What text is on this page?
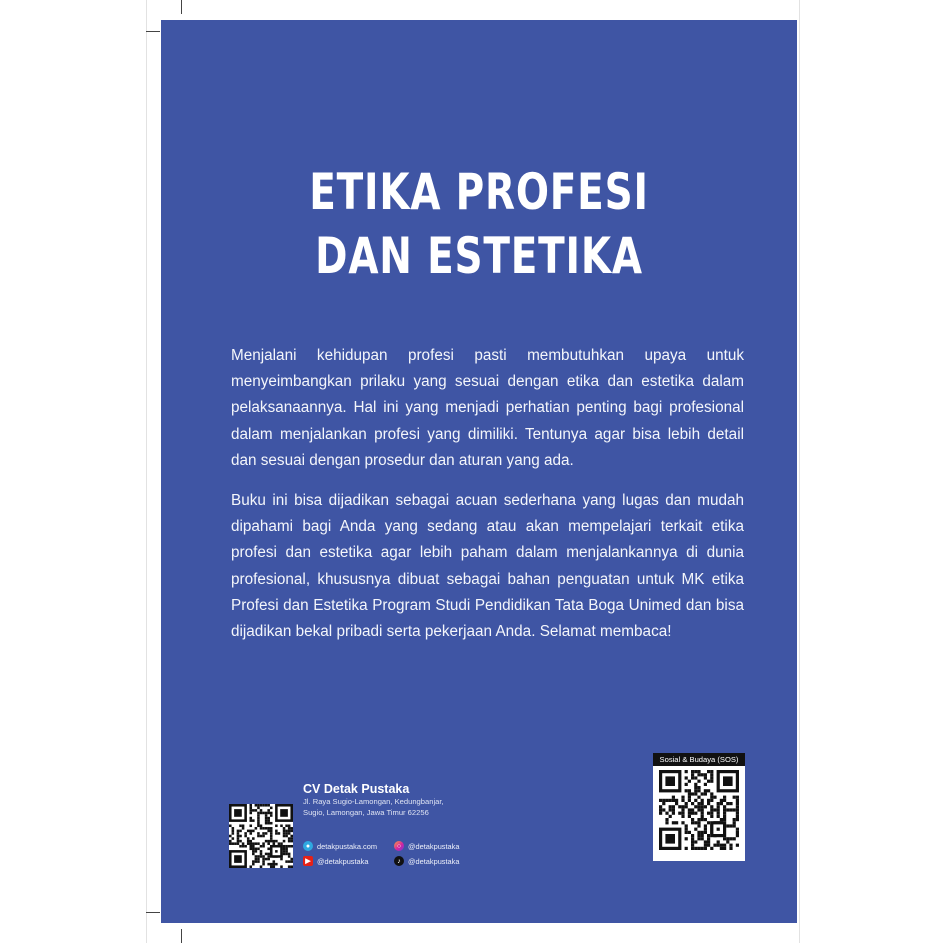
ETIKA PROFESI
DAN ESTETIKA

Menjalani kehidupan profesi pasti membutuhkan upaya untuk menyeimbangkan prilaku yang sesuai dengan etika dan estetika dalam pelaksanaannya. Hal ini yang menjadi perhatian penting bagi profesional dalam menjalankan profesi yang dimiliki. Tentunya agar bisa lebih detail dan sesuai dengan prosedur dan aturan yang ada.

Buku ini bisa dijadikan sebagai acuan sederhana yang lugas dan mudah dipahami bagi Anda yang sedang atau akan mempelajari terkait etika profesi dan estetika agar lebih paham dalam menjalankannya di dunia profesional, khususnya dibuat sebagai bahan penguatan untuk MK etika Profesi dan Estetika Program Studi Pendidikan Tata Boga Unimed dan bisa dijadikan bekal pribadi serta pekerjaan Anda. Selamat membaca!

CV Detak Pustaka
Jl. Raya Sugio-Lamongan, Kedungbanjar,
Sugio, Lamongan, Jawa Timur 62256
● detakpustaka.com	○ @detakpustaka
▶ @detakpustaka	♪ @detakpustaka
Sosial & Budaya (SOS)
